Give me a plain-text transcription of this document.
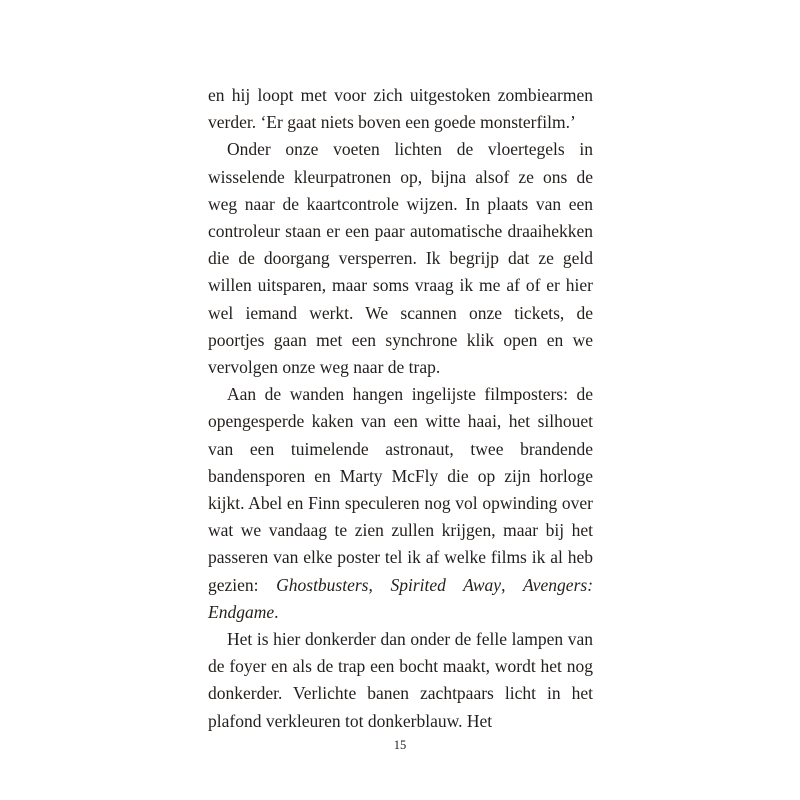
en hij loopt met voor zich uitgestoken zombiearmen verder. ‘Er gaat niets boven een goede monsterfilm.’

Onder onze voeten lichten de vloertegels in wisselende kleurpatronen op, bijna alsof ze ons de weg naar de kaartcontrole wijzen. In plaats van een controleur staan er een paar automatische draaihekken die de doorgang versperren. Ik begrijp dat ze geld willen uitsparen, maar soms vraag ik me af of er hier wel iemand werkt. We scannen onze tickets, de poortjes gaan met een synchrone klik open en we vervolgen onze weg naar de trap.

Aan de wanden hangen ingelijste filmposters: de opengesperde kaken van een witte haai, het silhouet van een tuimelende astronaut, twee brandende bandensporen en Marty McFly die op zijn horloge kijkt. Abel en Finn speculeren nog vol opwinding over wat we vandaag te zien zullen krijgen, maar bij het passeren van elke poster tel ik af welke films ik al heb gezien: Ghostbusters, Spirited Away, Avengers: Endgame.

Het is hier donkerder dan onder de felle lampen van de foyer en als de trap een bocht maakt, wordt het nog donkerder. Verlichte banen zachtpaars licht in het plafond verkleuren tot donkerblauw. Het

15
